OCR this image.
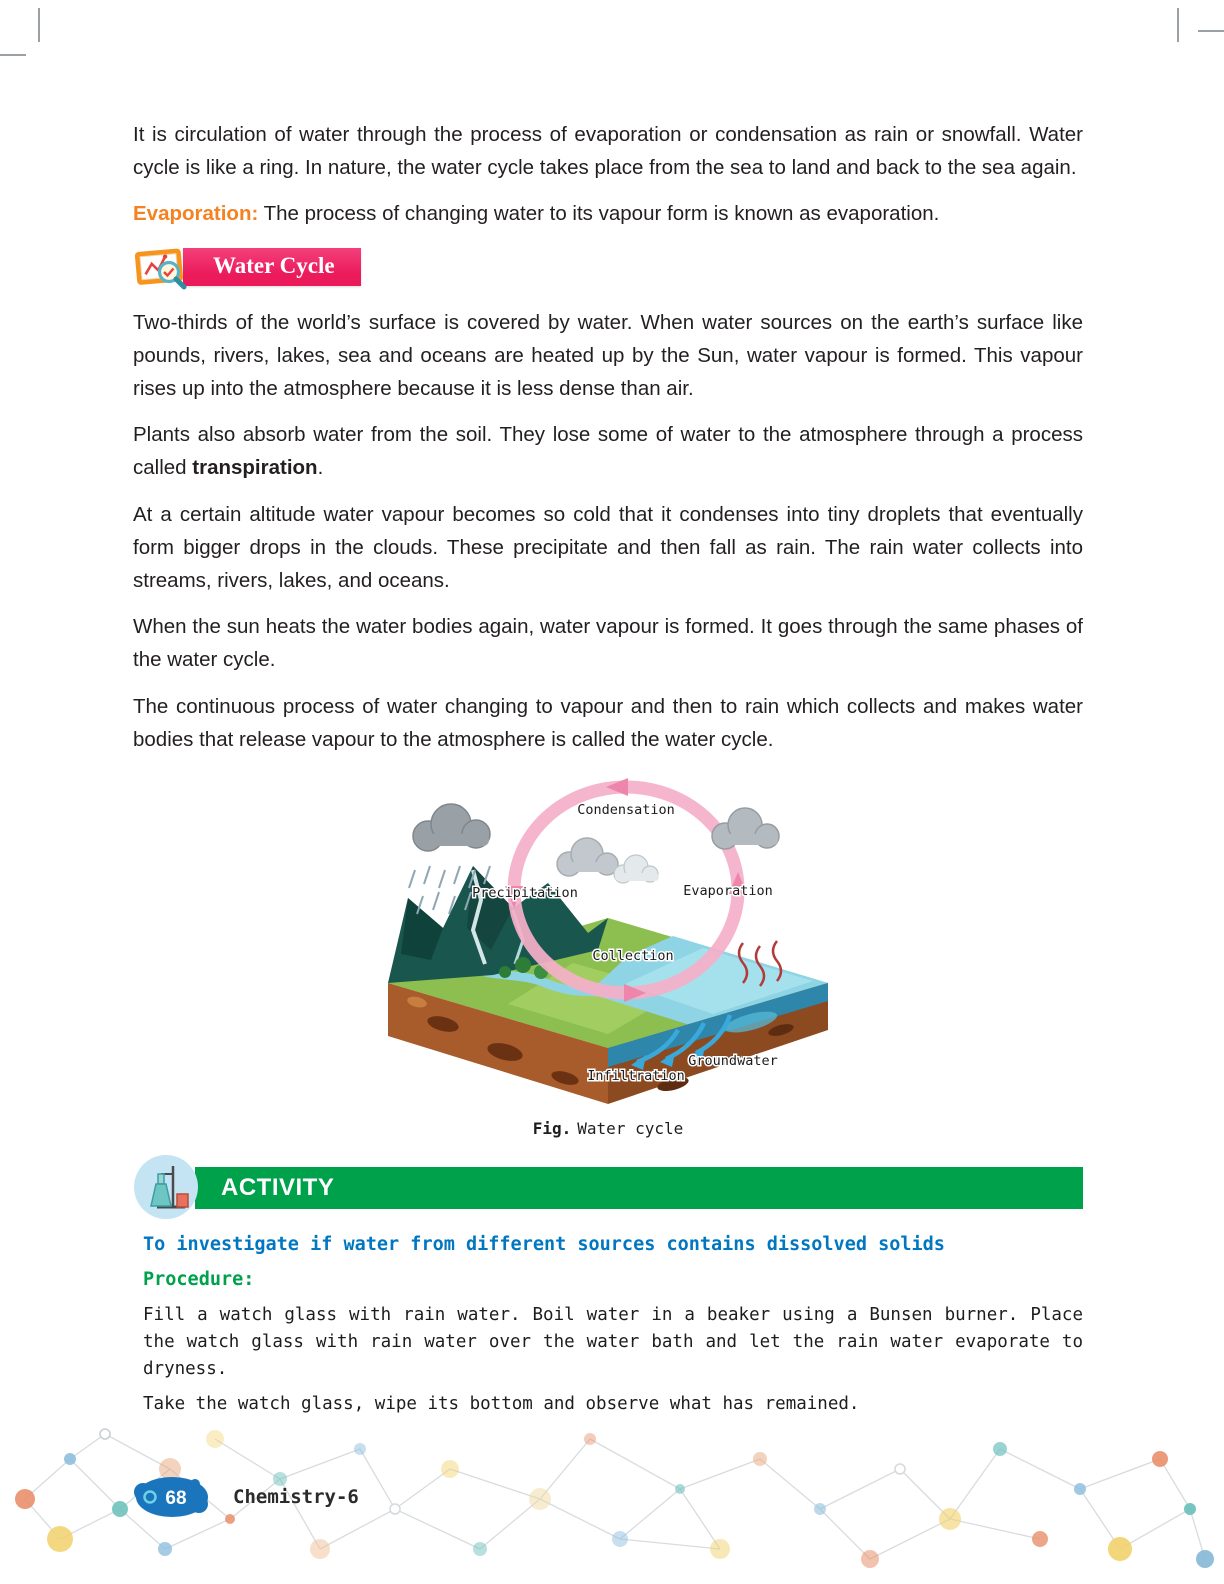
It is circulation of water through the process of evaporation or condensation as rain or snowfall. Water cycle is like a ring. In nature, the water cycle takes place from the sea to land and back to the sea again.

Evaporation: The process of changing water to its vapour form is known as evaporation.

Water Cycle

Two-thirds of the world’s surface is covered by water. When water sources on the earth’s surface like pounds, rivers, lakes, sea and oceans are heated up by the Sun, water vapour is formed. This vapour rises up into the atmosphere because it is less dense than air.

Plants also absorb water from the soil. They lose some of water to the atmosphere through a process called transpiration.

At a certain altitude water vapour becomes so cold that it condenses into tiny droplets that eventually form bigger drops in the clouds. These precipitate and then fall as rain. The rain water collects into streams, rivers, lakes, and oceans.

When the sun heats the water bodies again, water vapour is formed. It goes through the same phases of the water cycle.

The continuous process of water changing to vapour and then to rain which collects and makes water bodies that release vapour to the atmosphere is called the water cycle.

Condensation
Precipitation	Evaporation
Collection
Groundwater
Infiltration
Fig. Water cycle
ACTIVITY

To investigate if water from different sources contains dissolved solids

Procedure:

Fill a watch glass with rain water. Boil water in a beaker using a Bunsen burner. Place the watch glass with rain water over the water bath and let the rain water evaporate to dryness.

Take the watch glass, wipe its bottom and observe what has remained.

68 Chemistry-6
